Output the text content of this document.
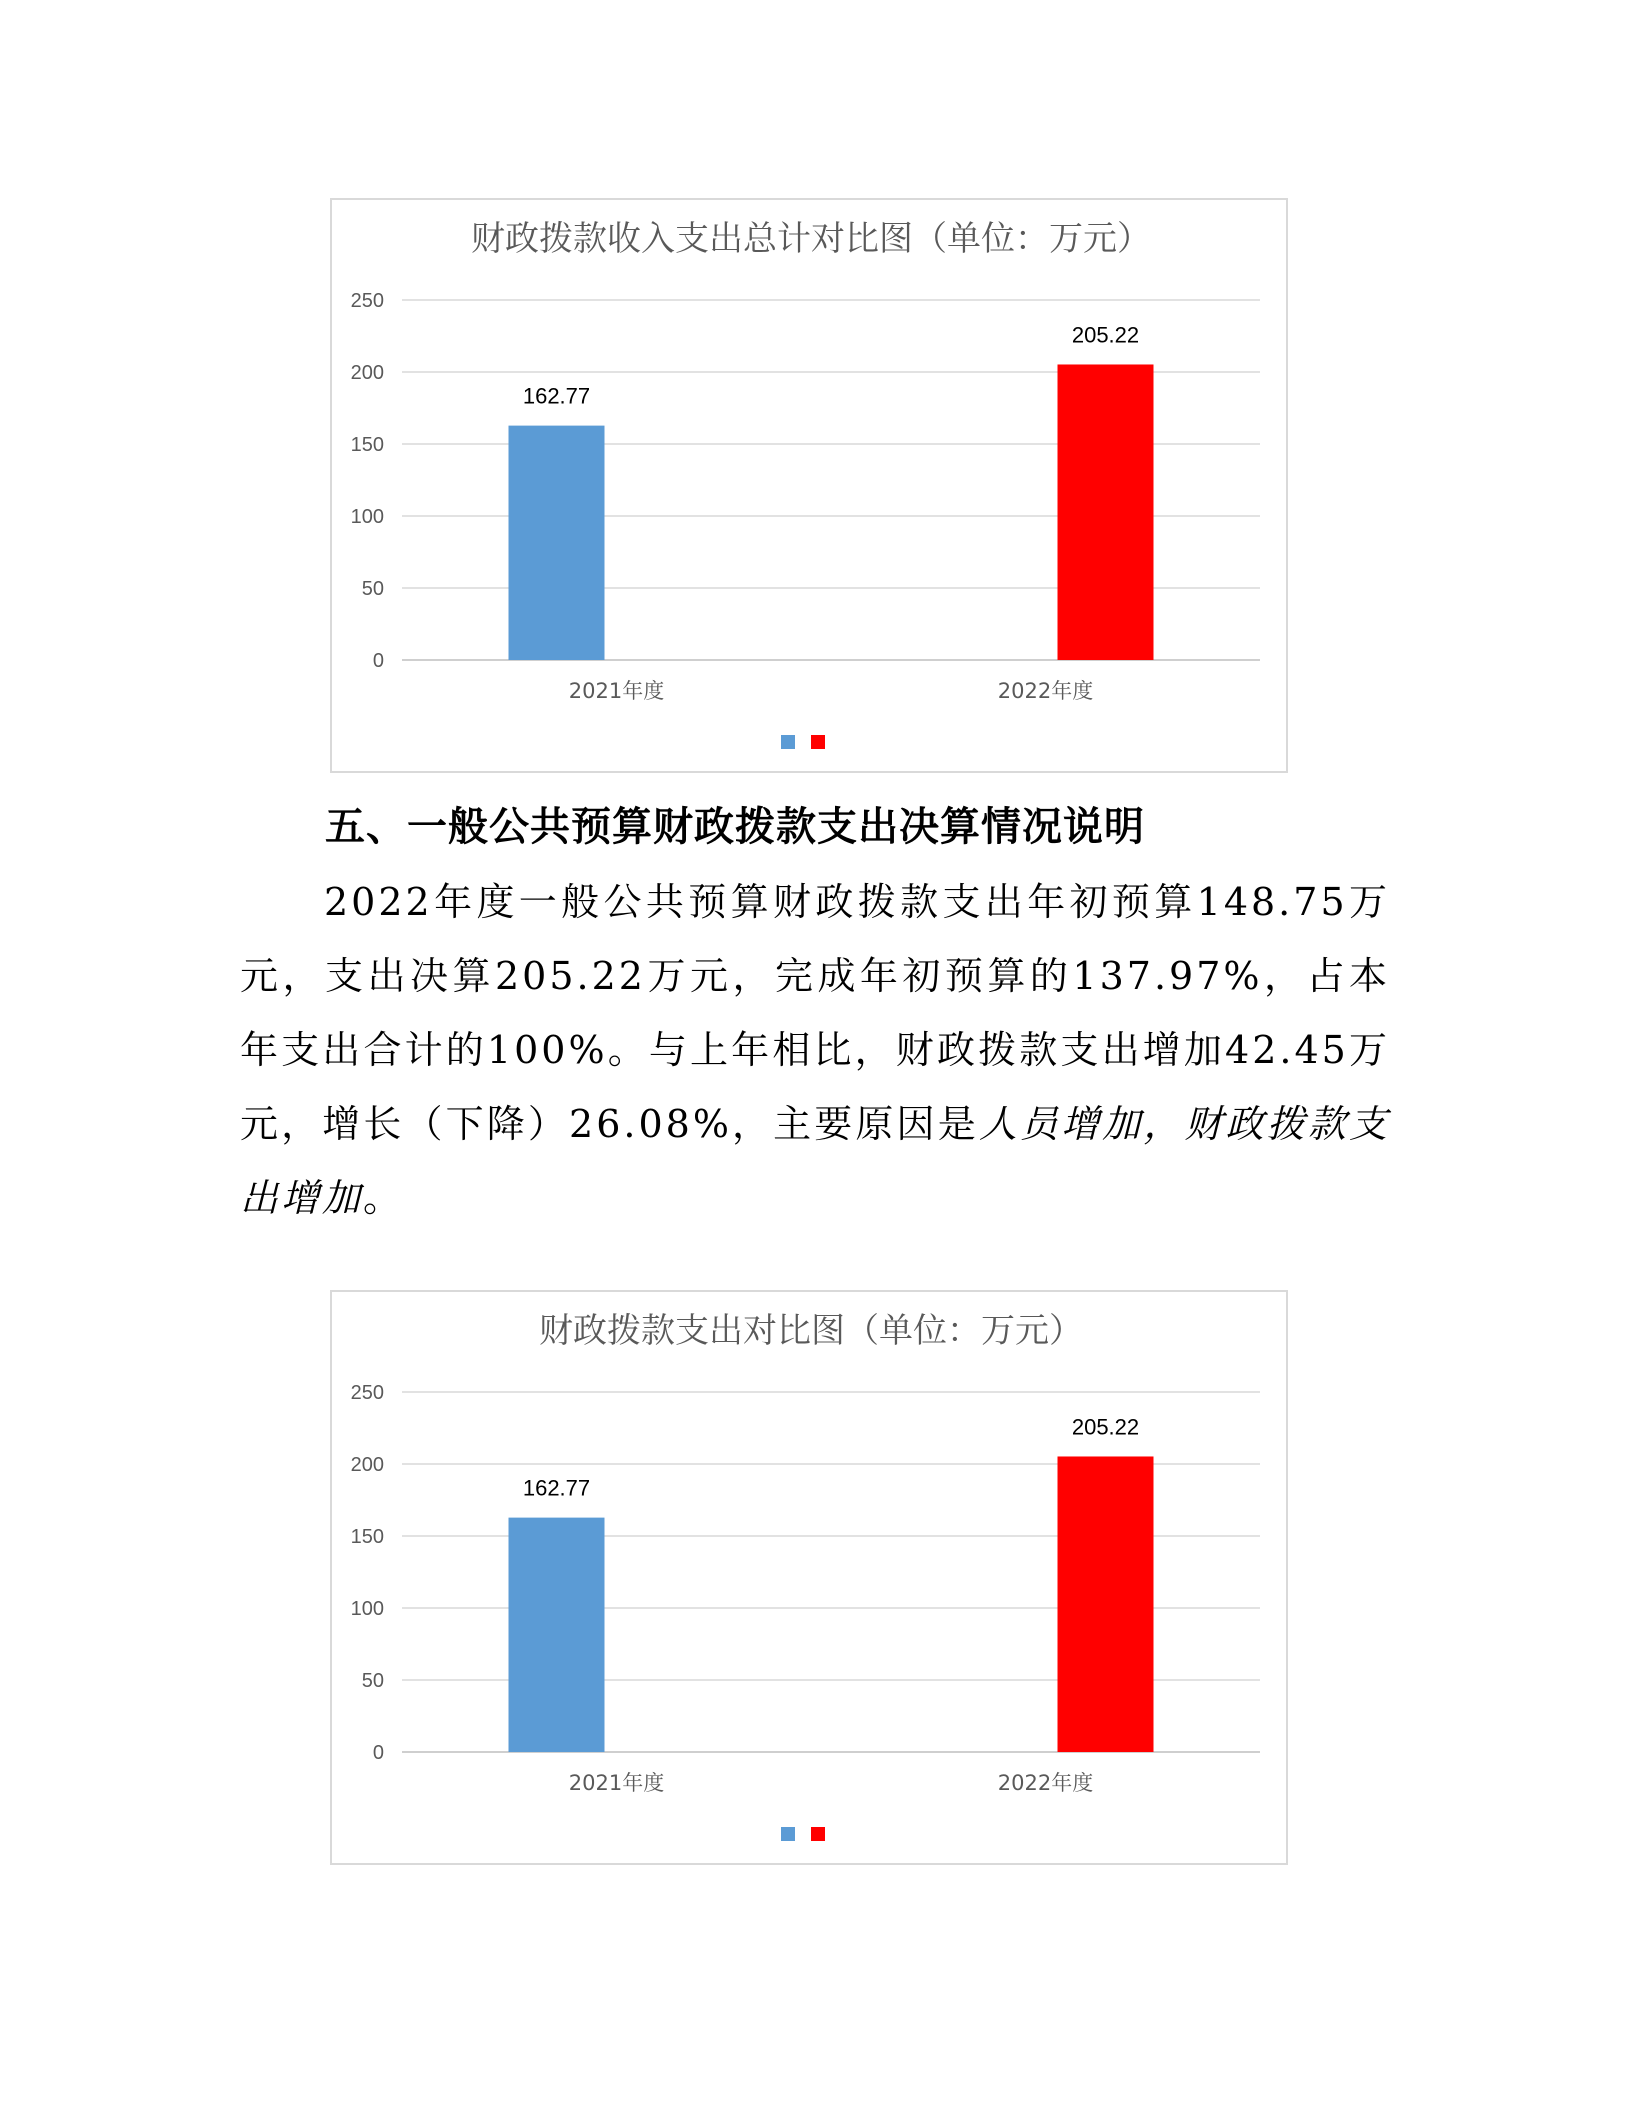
财政拨款收入支出总计对比图（单位：万元）
0
50
100
150
200
250
162.77
2021年度
205.22
2022年度
五、一般公共预算财政拨款支出决算情况说明

2022年度一般公共预算财政拨款支出年初预算148.75万元，支出决算205.22万元，完成年初预算的137.97%，占本年支出合计的100%。与上年相比，财政拨款支出增加42.45万元，增长（下降）26.08%，主要原因是人员增加，财政拨款支出增加。

财政拨款支出对比图（单位：万元）
0
50
100
150
200
250
162.77
2021年度
205.22
2022年度
